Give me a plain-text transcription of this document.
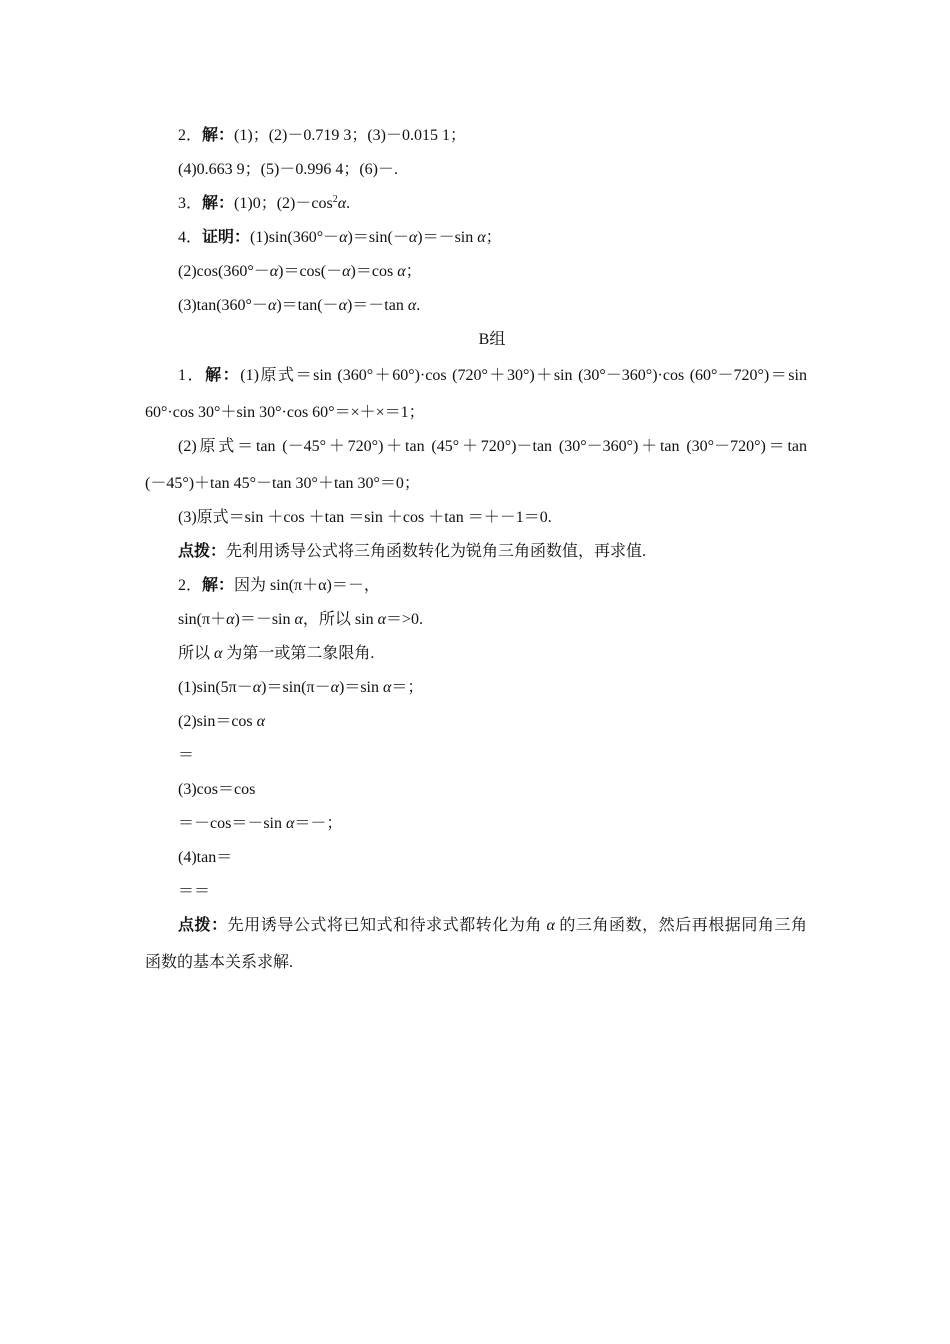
2．解：(1)；(2)－0.719 3；(3)－0.015 1；
(4)0.663 9；(5)－0.996 4；(6)－.
3．解：(1)0；$(2)-\cos^2\alpha$.
4．证明：(1)sin(360°－α)＝sin(－α)＝－sin α；
(2)cos(360°－α)＝cos(－α)＝cos α；
(3)tan(360°－α)＝tan(－α)＝－tan α.
B组
1．解：(1)原式＝sin (360°＋60°)·cos (720°＋30°)＋sin (30°－360°)·cos (60°－720°)＝sin
60°·cos 30°＋sin 30°·cos 60°＝×＋×＝1；
(2)原式＝tan (－45°＋720°)＋tan (45°＋720°)－tan (30°－360°)＋tan (30°－720°)＝tan
(－45°)＋tan 45°－tan 30°＋tan 30°＝0；
(3)原式＝sin ＋cos ＋tan ＝sin ＋cos ＋tan ＝＋－1＝0.
点拨：先利用诱导公式将三角函数转化为锐角三角函数值，再求值.
2．解：因为 sin(π＋α)＝－，
sin(π＋α)＝－sin α，所以 sin α＝>0.
所以 α 为第一或第二象限角.
(1)sin(5π－α)＝sin(π－α)＝sin α＝；
(2)sin＝cos α
＝
(3)cos＝cos
＝－cos＝－sin α＝－；
(4)tan＝
＝＝
点拨：先用诱导公式将已知式和待求式都转化为角 α 的三角函数，然后再根据同角三角
函数的基本关系求解.
